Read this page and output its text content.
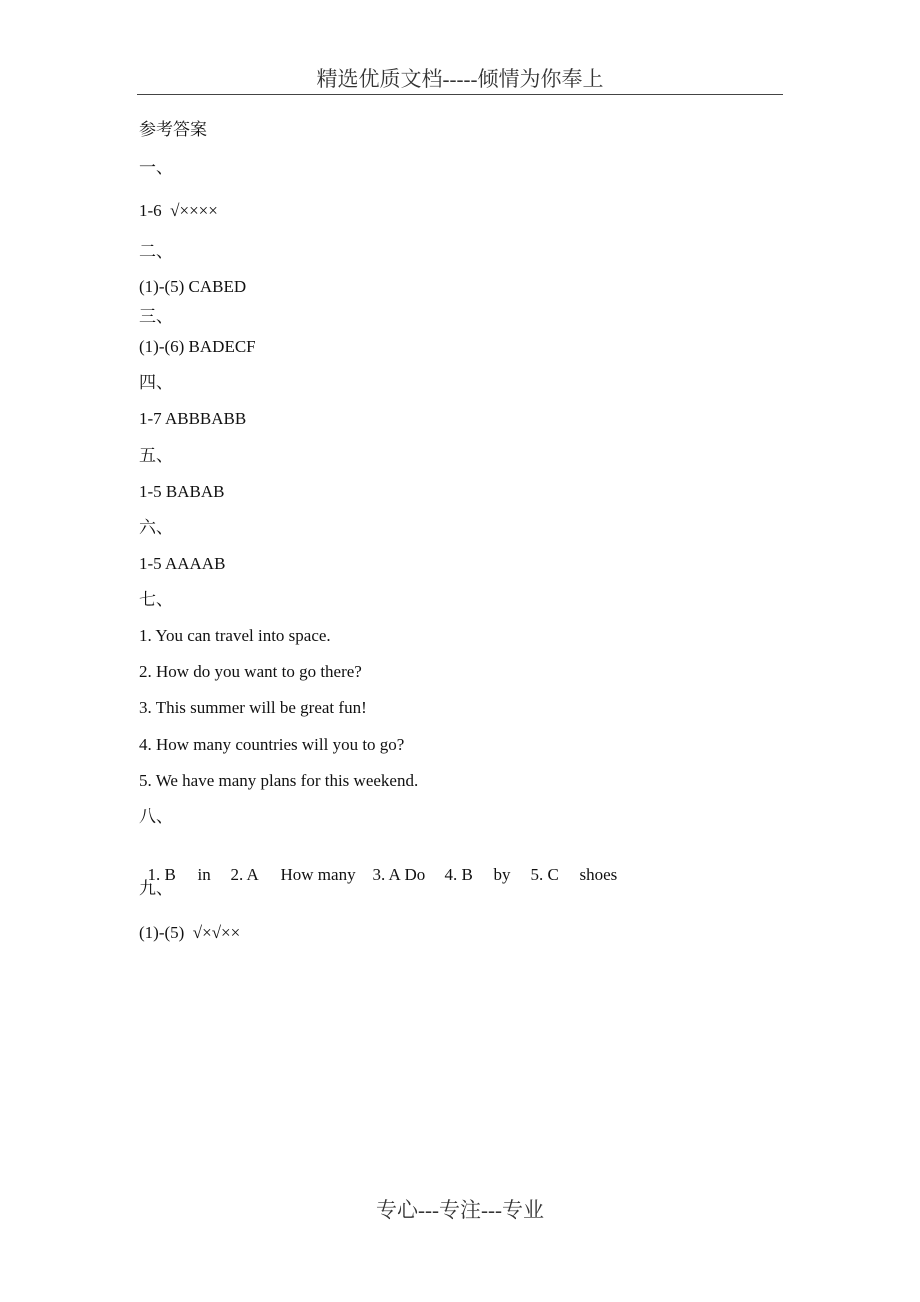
精选优质文档-----倾情为你奉上
参考答案
一、
1-6  √××××
二、
(1)-(5) CABED
三、
(1)-(6) BADECF
四、
1-7 ABBBABB
五、
1-5 BABAB
六、
1-5 AAAAB
七、
1. You can travel into space.
2. How do you want to go there?
3. This summer will be great fun!
4. How many countries will you to go?
5. We have many plans for this weekend.
八、

1. B in 2. A How many 3. A Do 4. B by 5. C shoes

九、
(1)-(5)  √×√××
专心---专注---专业
